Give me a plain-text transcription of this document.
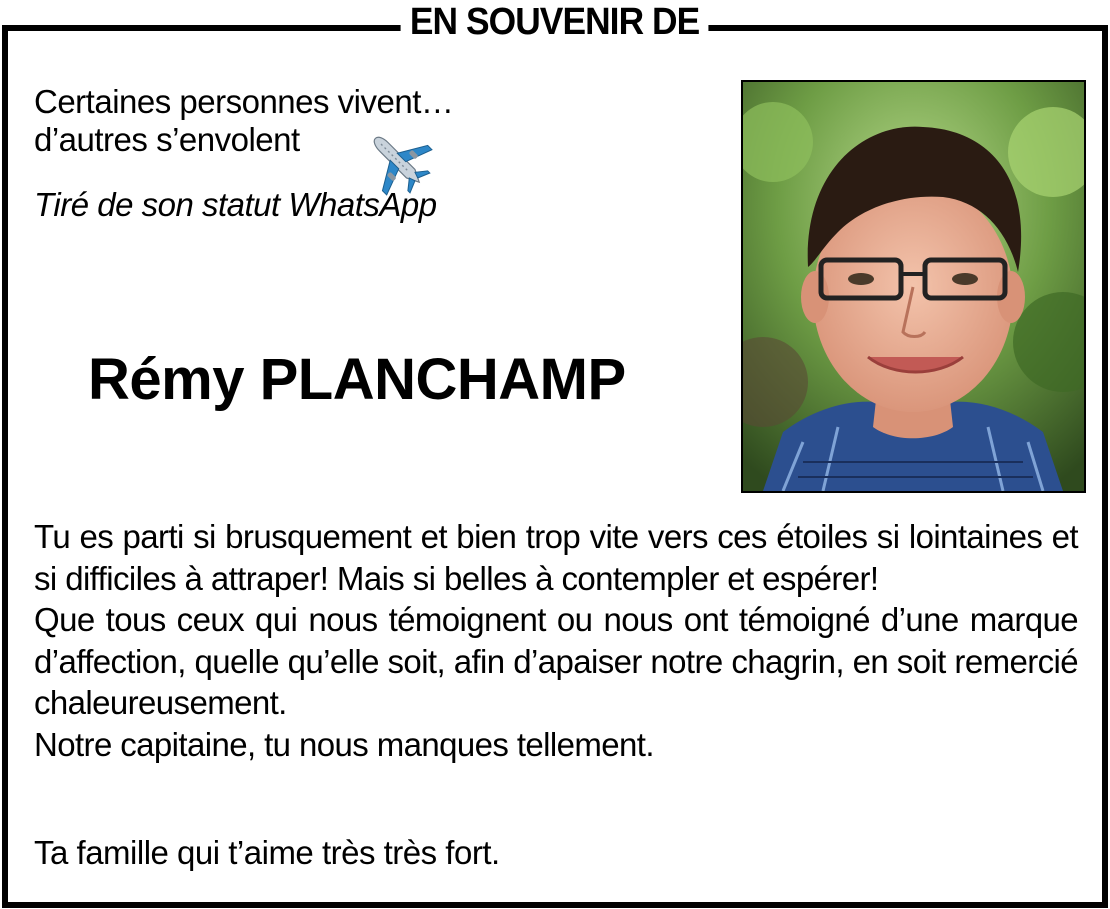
EN SOUVENIR DE
Certaines personnes vivent…
d’autres s’envolent
Tiré de son statut WhatsApp
Rémy PLANCHAMP

Tu es parti si brusquement et bien trop vite vers ces étoiles si lointaines et si difficiles à attraper! Mais si belles à contempler et espérer!

Que tous ceux qui nous témoignent ou nous ont témoigné d’une marque d’affection, quelle qu’elle soit, afin d’apaiser notre chagrin, en soit remercié chaleureusement.

Notre capitaine, tu nous manques tellement.

Ta famille qui t’aime très très fort.
